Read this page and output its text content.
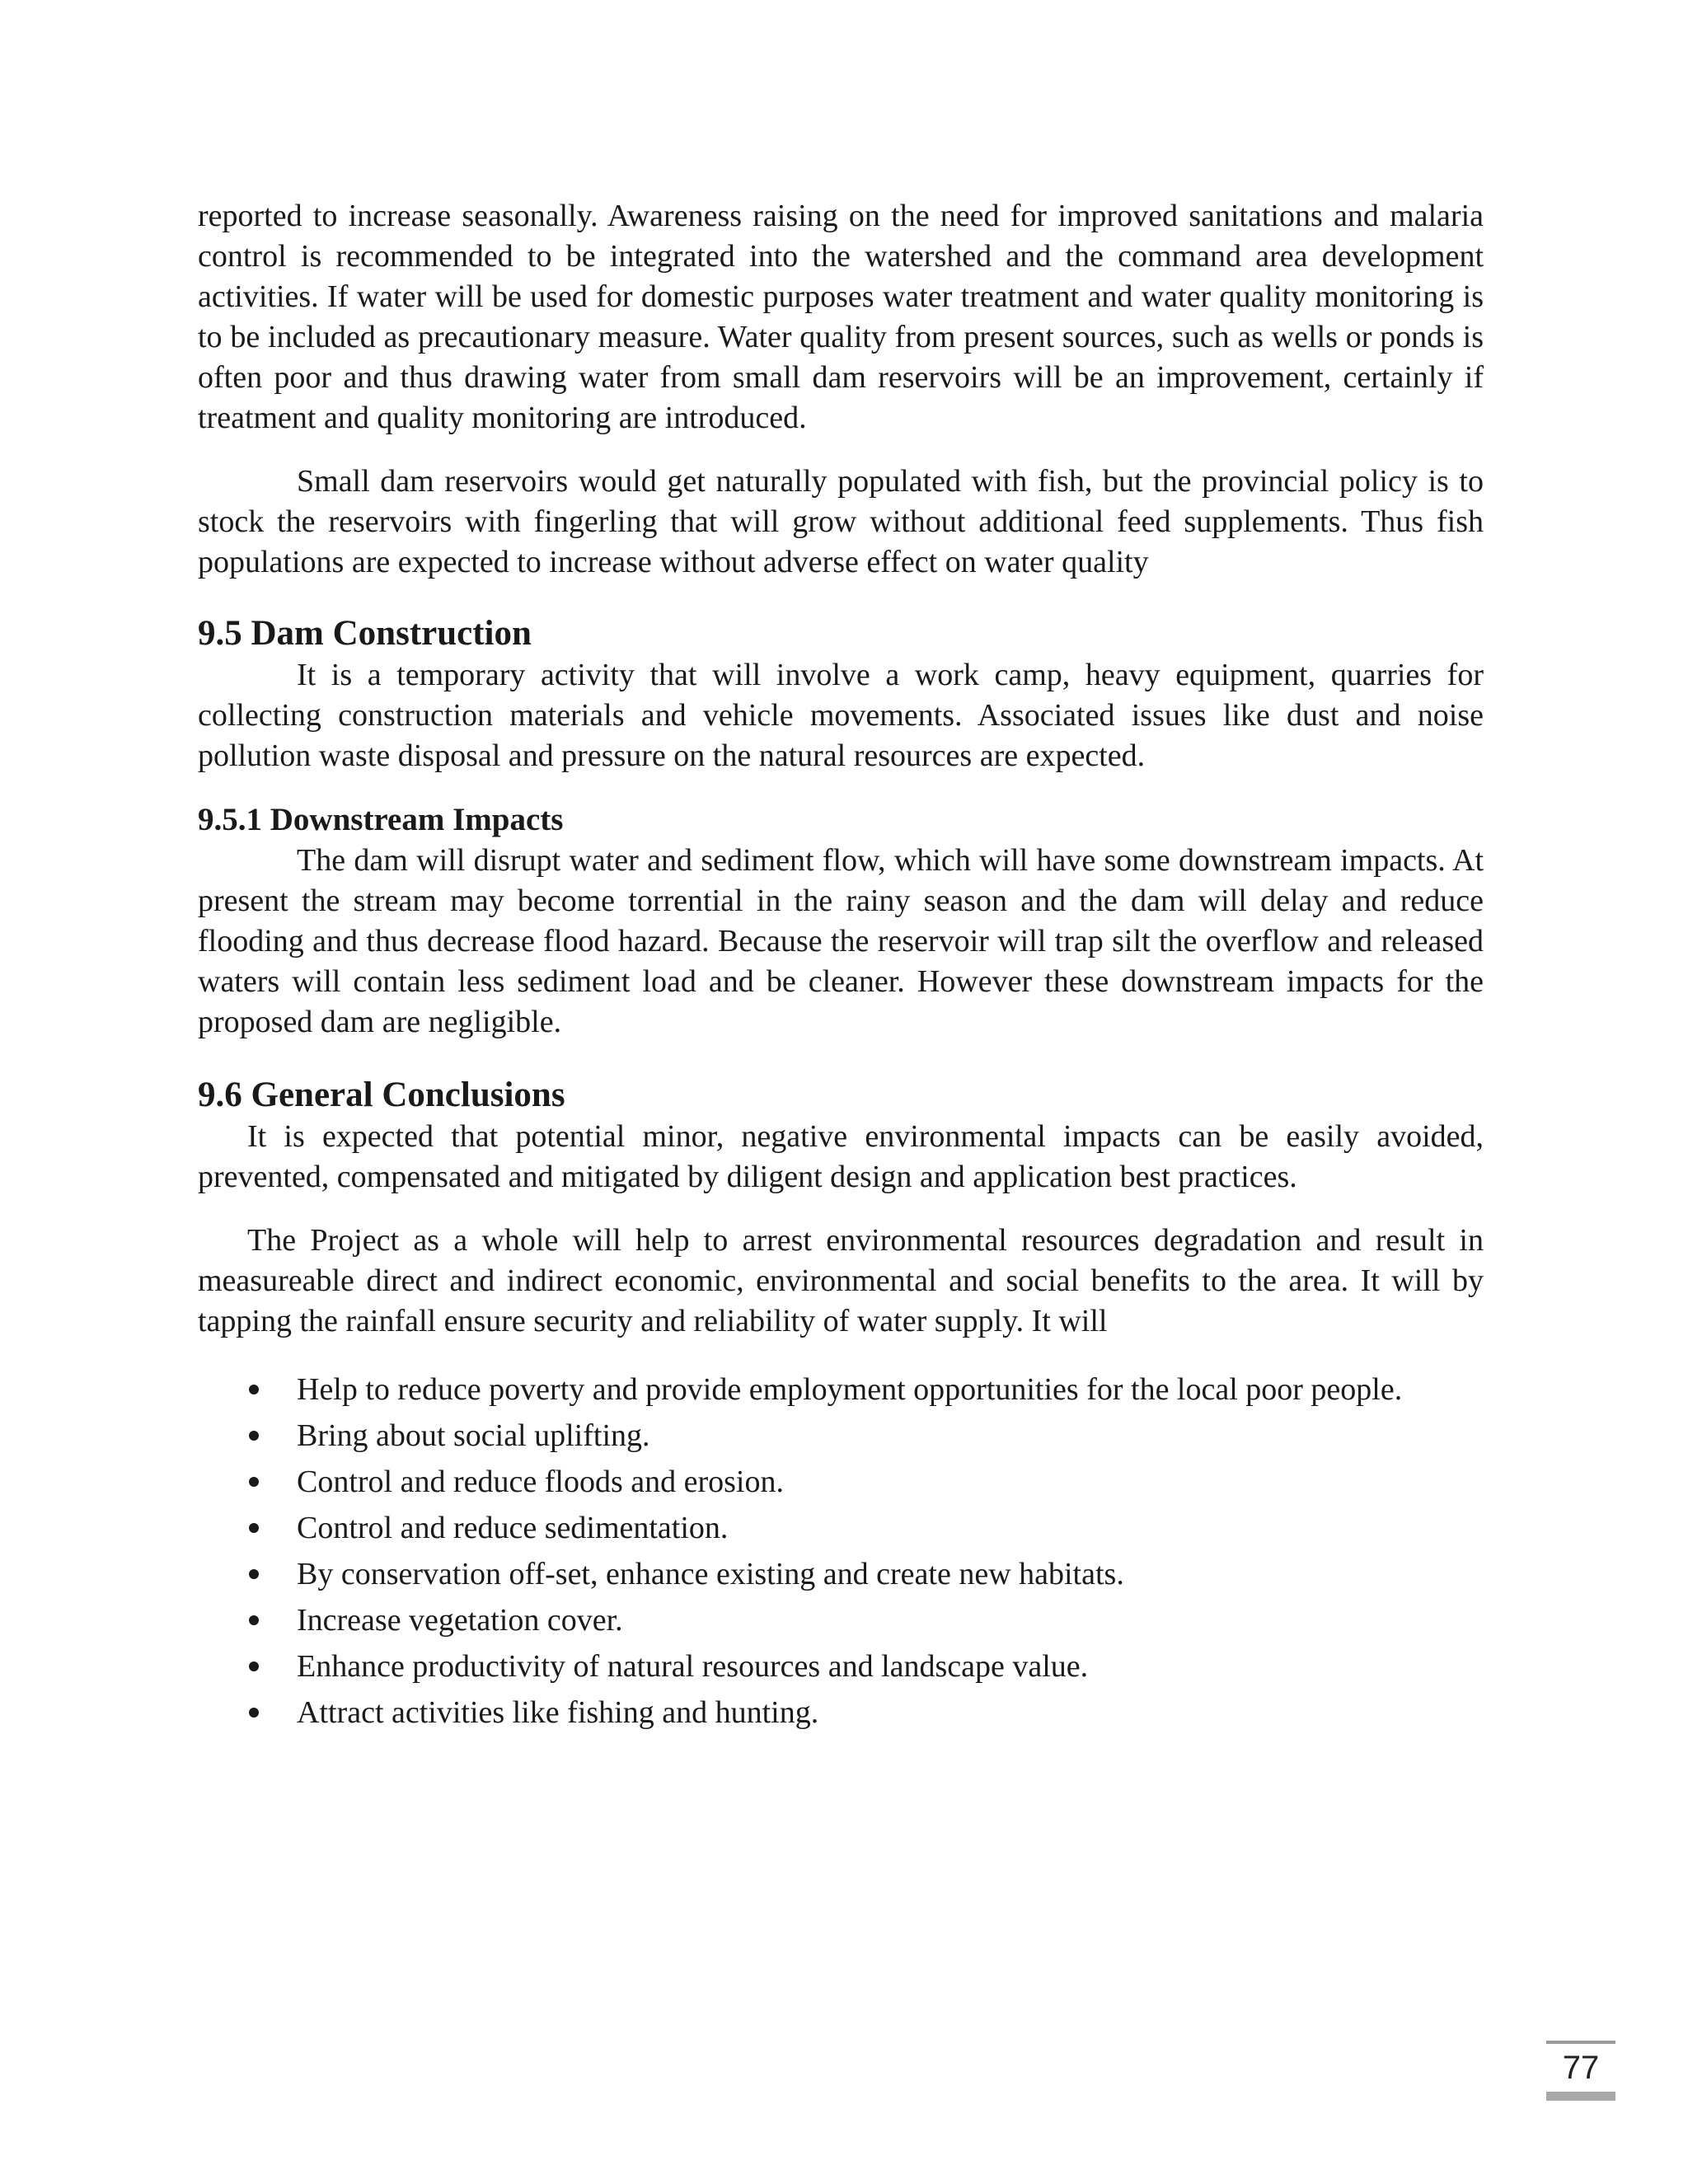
reported to increase seasonally. Awareness raising on the need for improved sanitations and malaria control is recommended to be integrated into the watershed and the command area development activities. If water will be used for domestic purposes water treatment and water quality monitoring is to be included as precautionary measure. Water quality from present sources, such as wells or ponds is often poor and thus drawing water from small dam reservoirs will be an improvement, certainly if treatment and quality monitoring are introduced.

Small dam reservoirs would get naturally populated with fish, but the provincial policy is to stock the reservoirs with fingerling that will grow without additional feed supplements. Thus fish populations are expected to increase without adverse effect on water quality

9.5 Dam Construction

It is a temporary activity that will involve a work camp, heavy equipment, quarries for collecting construction materials and vehicle movements. Associated issues like dust and noise pollution waste disposal and pressure on the natural resources are expected.

9.5.1 Downstream Impacts

The dam will disrupt water and sediment flow, which will have some downstream impacts. At present the stream may become torrential in the rainy season and the dam will delay and reduce flooding and thus decrease flood hazard. Because the reservoir will trap silt the overflow and released waters will contain less sediment load and be cleaner. However these downstream impacts for the proposed dam are negligible.

9.6 General Conclusions

It is expected that potential minor, negative environmental impacts can be easily avoided, prevented, compensated and mitigated by diligent design and application best practices.

The Project as a whole will help to arrest environmental resources degradation and result in measureable direct and indirect economic, environmental and social benefits to the area. It will by tapping the rainfall ensure security and reliability of water supply. It will

Help to reduce poverty and provide employment opportunities for the local poor people.
Bring about social uplifting.
Control and reduce floods and erosion.
Control and reduce sedimentation.
By conservation off-set, enhance existing and create new habitats.
Increase vegetation cover.
Enhance productivity of natural resources and landscape value.
Attract activities like fishing and hunting.
77
